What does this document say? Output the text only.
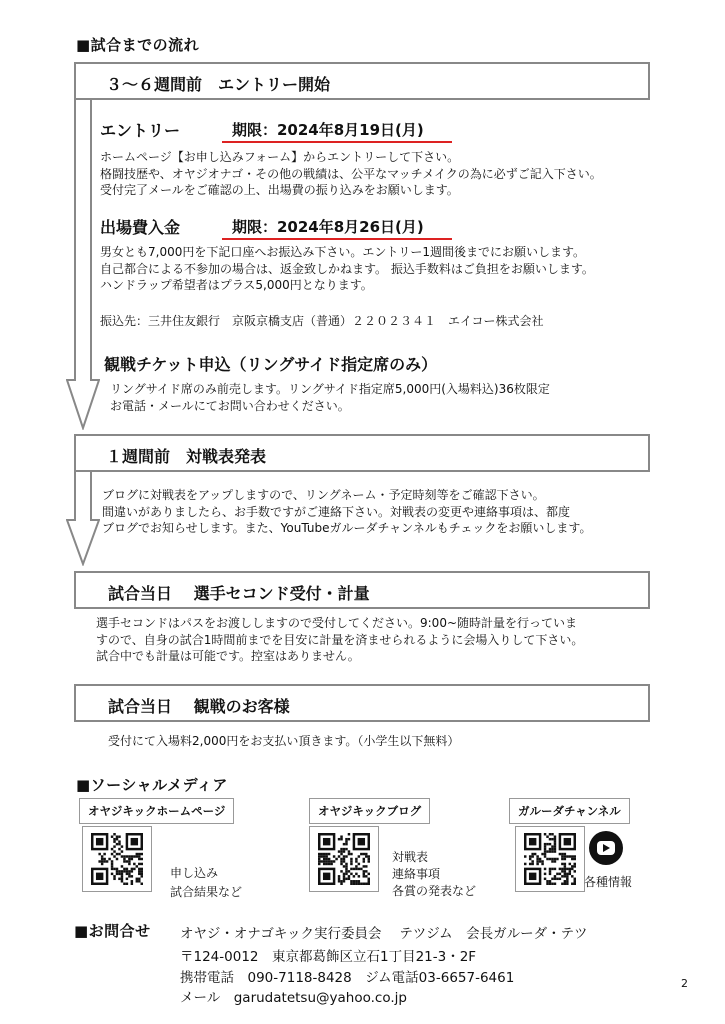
■試合までの流れ
３～６週間前　エントリー開始
エントリー	期限：2024年8月19日(月)
ホームページ【お申し込みフォーム】からエントリーして下さい。
格闘技歴や、オヤジオナゴ・その他の戦績は、公平なマッチメイクの為に必ずご記入下さい。
受付完了メールをご確認の上、出場費の振り込みをお願いします。
出場費入金	期限：2024年8月26日(月)
男女とも7,000円を下記口座へお振込み下さい。エントリー1週間後までにお願いします。
自己都合による不参加の場合は、返金致しかねます。 振込手数料はご負担をお願いします。
ハンドラップ希望者はプラス5,000円となります。
振込先：三井住友銀行　京阪京橋支店（普通）２２０２３４１　エイコー株式会社
観戦チケット申込（リングサイド指定席のみ）
リングサイド席のみ前売します。リングサイド指定席5,000円(入場料込)36枚限定
お電話・メールにてお問い合わせください。
１週間前　対戦表発表
ブログに対戦表をアップしますので、リングネーム・予定時刻等をご確認下さい。
間違いがありましたら、お手数ですがご連絡下さい。対戦表の変更や連絡事項は、都度
ブログでお知らせします。また、YouTubeガルーダチャンネルもチェックをお願いします。
試合当日　 選手セコンド受付・計量
選手セコンドはパスをお渡ししますので受付してください。9:00~随時計量を行っていま
すので、自身の試合1時間前までを目安に計量を済ませられるように会場入りして下さい。
試合中でも計量は可能です。控室はありません。
試合当日　 観戦のお客様
受付にて入場料2,000円をお支払い頂きます。（小学生以下無料）
■ソーシャルメディア
オヤジキックホームページ	オヤジキックブログ	ガルーダチャンネル
申し込み
試合結果など
対戦表
連絡事項
各賞の発表など
各種情報
■お問合せ オヤジ・オナゴキック実行委員会　 テツジム　会長ガルーダ・テツ
〒124-0012　東京都葛飾区立石1丁目21-3・2F
携帯電話　090-7118-8428　ジム電話03-6657-6461
メール　garudatetsu@yahoo.co.jp
2
